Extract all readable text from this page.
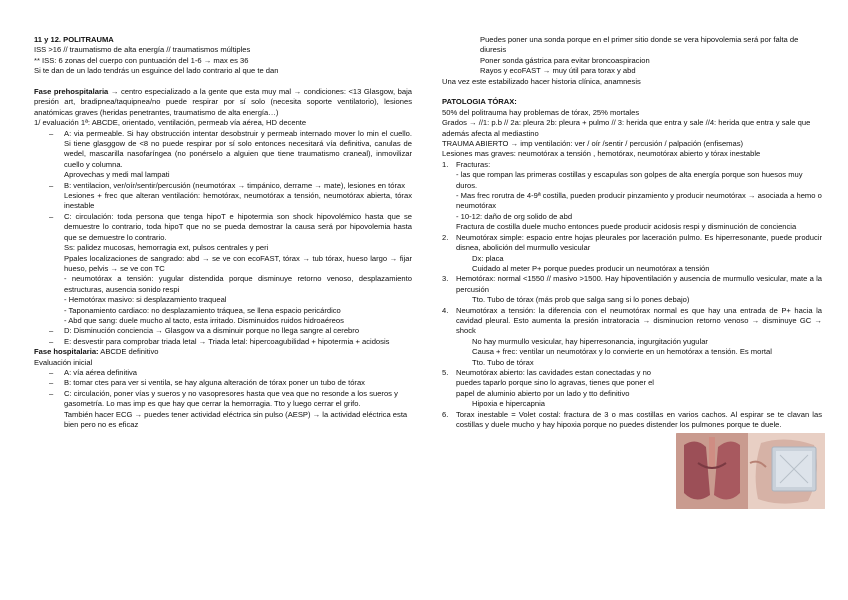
11 y 12. POLITRAUMA

ISS >16 // traumatismo de alta energía // traumatismos múltiples

** ISS: 6 zonas del cuerpo con puntuación del 1-6 → max es 36

Si te dan de un lado tendrás un esguince del lado contrario al que te dan

Fase prehospitalaria → centro especializado a la gente que esta muy mal → condiciones: <13 Glasgow, baja presión art, bradipnea/taquipnea/no puede respirar por sí solo (necesita soporte ventilatorio), lesiones anatómicas graves (heridas penetrantes, traumatismo de alta energía…)

1/ evaluación 1ª: ABCDE, orientado, ventilación, permeab vía aérea, HD decente

– A: via permeable. Si hay obstrucción intentar desobstruir y permeab internado mover lo min el cuello. Si tiene glasggow de <8 no puede respirar por sí solo entonces necesitará vía definitiva, canulas de wedel, mascarilla nasofaríngea (no ponérselo a alguien que tiene traumatismo craneal), inmovilizar cuello y columna.

Aprovechas y medi mal lampati

– B: ventilacion, ver/oír/sentir/percusión (neumotórax → timpánico, derrame → mate), lesiones en tórax

Lesiones + frec que alteran ventilación: hemotórax, neumotórax a tensión, neumotórax abierta, tórax inestable

– C: circulación: toda persona que tenga hipoT e hipotermia son shock hipovolémico hasta que se demuestre lo contrario, toda hipoT que no se pueda demostrar la causa será por hipovolemia hasta que se demuestre lo contrario.

Ss: palidez mucosas, hemorragia ext, pulsos centrales y peri

Ppales localizaciones de sangrado: abd → se ve con ecoFAST, tórax → tub tórax, hueso largo → fijar hueso, pelvis → se ve con TC

- neumotórax a tensión: yugular distendida porque disminuye retorno venoso, desplazamiento estructuras, ausencia sonido respi

- Hemotórax masivo: si desplazamiento traqueal

- Taponamiento cardiaco: no desplazamiento tráquea, se llena espacio pericárdico

- Abd que sang: duele mucho al tacto, esta irritado. Disminuidos ruidos hidroaéreos

– D: Disminución conciencia → Glasgow va a disminuir porque no llega sangre al cerebro

– E: desvestir para comprobar triada letal → Triada letal: hipercoagubilidad + hipotermia + acidosis

Fase hospitalaria: ABCDE definitivo

Evaluación inicial

– A: vía aérea definitiva

– B: tomar ctes para ver si ventila, se hay alguna alteración de tórax poner un tubo de tórax

– C: circulación, poner vías y sueros y no vasopresores hasta que vea que no resonde a los sueros y gasometría. Lo mas imp es que hay que cerrar la hemorragia. Tto y luego cerrar el grifo.

También hacer ECG → puedes tener actividad eléctrica sin pulso (AESP) → la actividad eléctrica esta bien pero no es eficaz

Puedes poner una sonda porque en el primer sitio donde se vera hipovolemia será por falta de diuresis

Poner sonda gástrica para evitar broncoaspiracion

Rayos y ecoFAST → muy útil para torax y abd

Una vez este estabilizado hacer historia clínica, anamnesis

PATOLOGIA TÓRAX:

50% del politrauma hay problemas de tórax, 25% mortales

Grados → //1: p.b // 2a: pleura 2b: pleura + pulmo // 3: herida que entra y sale //4: herida que entra y sale que además afecta al mediastino

TRAUMA ABIERTO → imp ventilación: ver / oír /sentir / percusión / palpación (enfisemas)

Lesiones mas graves: neumotórax a tensión , hemotórax, neumotórax abierto y tórax inestable

1. Fracturas:

- las que rompan las primeras costillas y escapulas son golpes de alta energía porque son huesos muy duros.

- Mas frec rorutra de 4-9ª costilla, pueden producir pinzamiento y producir neumotórax → asociada a hemo o neumotórax

- 10-12: daño de org solido de abd

Fractura de costilla duele mucho entonces puede producir acidosis respi y disminución de conciencia

2. Neumotórax simple: espacio entre hojas pleurales por laceración pulmo. Es hiperresonante, puede producir disnea, abolición del murmullo vesicular

Dx: placa

Cuidado al meter P+ porque puedes producir un neumotórax a tensión

3. Hemotórax: normal <1550 // masivo >1500. Hay hipoventilación y ausencia de murmullo vesicular, mate a la percusión

Tto. Tubo de tórax (más prob que salga sang si lo pones debajo)

4. Neumotórax a tensión: la diferencia con el neumotórax normal es que hay una entrada de P+ hacia la cavidad pleural. Esto aumenta la presión intratoracia → disminucion retorno venoso → disminuye GC → shock

No hay murmullo vesicular, hay hiperresonancia, ingurgitación yugular

Causa + frec: ventilar un neumotórax y lo convierte en un hemotórax a tensión. Es mortal

Tto. Tubo de tórax

5. Neumotórax abierto: las cavidades estan conectadas y no puedes taparlo porque sino lo agravas, tienes que poner el papel de aluminio abierto por un lado y tto definitivo

Hipoxia e hipercapnia

6. Torax inestable = Volet costal: fractura de 3 o mas costillas en varios cachos. Al espirar se te clavan las costillas y duele mucho y hay hipoxia porque no puedes distender los pulmones porque te duele.
